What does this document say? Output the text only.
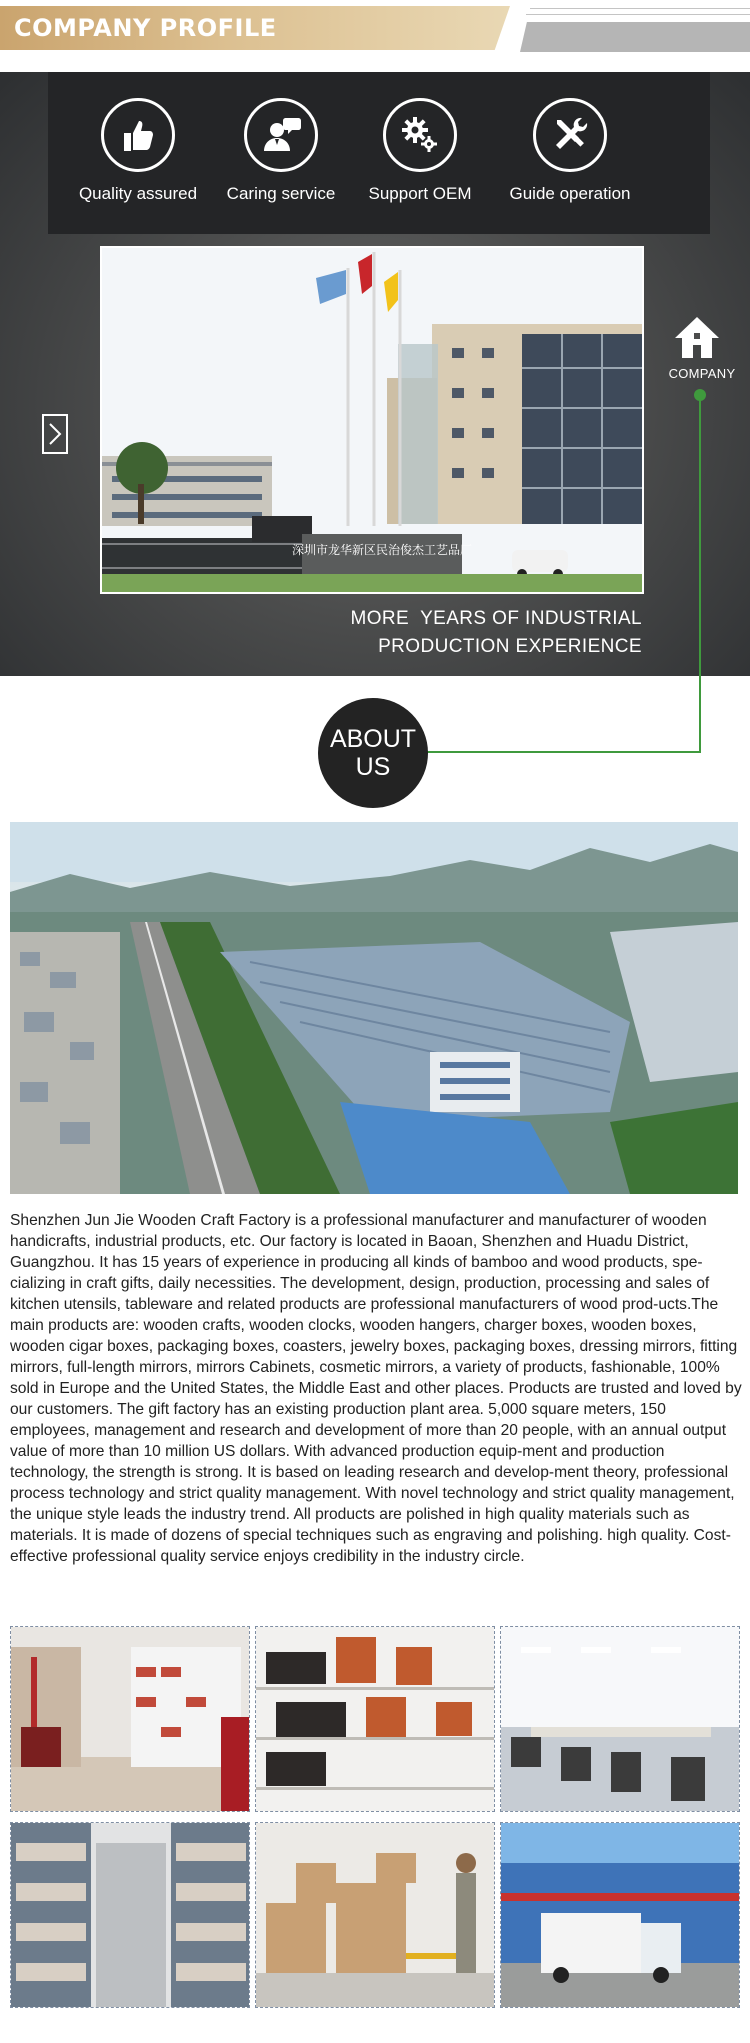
COMPANY PROFILE
Quality assured	Caring service	Support OEM	Guide operation
深圳市龙华新区民治俊杰工艺品厂
COMPANY
MORE  YEARS OF INDUSTRIAL
PRODUCTION EXPERIENCE
ABOUT
US
Shenzhen Jun Jie Wooden Craft Factory is a professional manufacturer and manufacturer of wooden handicrafts, industrial products, etc. Our factory is located in Baoan, Shenzhen and Huadu District, Guangzhou. It has 15 years of experience in producing all kinds of bamboo and wood products, spe-cializing in craft gifts, daily necessities. The development, design, production, processing and sales of kitchen utensils, tableware and related products are professional manufacturers of wood prod-ucts.The main products are: wooden crafts, wooden clocks, wooden hangers, charger boxes, wooden boxes, wooden cigar boxes, packaging boxes, coasters, jewelry boxes, packaging boxes, dressing mirrors, fitting mirrors, full-length mirrors, mirrors Cabinets, cosmetic mirrors, a variety of products, fashionable, 100% sold in Europe and the United States, the Middle East and other places. Products are trusted and loved by our customers. The gift factory has an existing production plant area. 5,000 square meters, 150 employees, management and research and development of more than 20 people, with an annual output value of more than 10 million US dollars. With advanced production equip-ment and production technology, the strength is strong. It is based on leading research and develop-ment theory, professional process technology and strict quality management. With novel technology and strict quality management, the unique style leads the industry trend. All products are polished in high quality materials such as materials. It is made of dozens of special techniques such as engraving and polishing. high quality. Cost-effective professional quality service enjoys credibility in the industry circle.
